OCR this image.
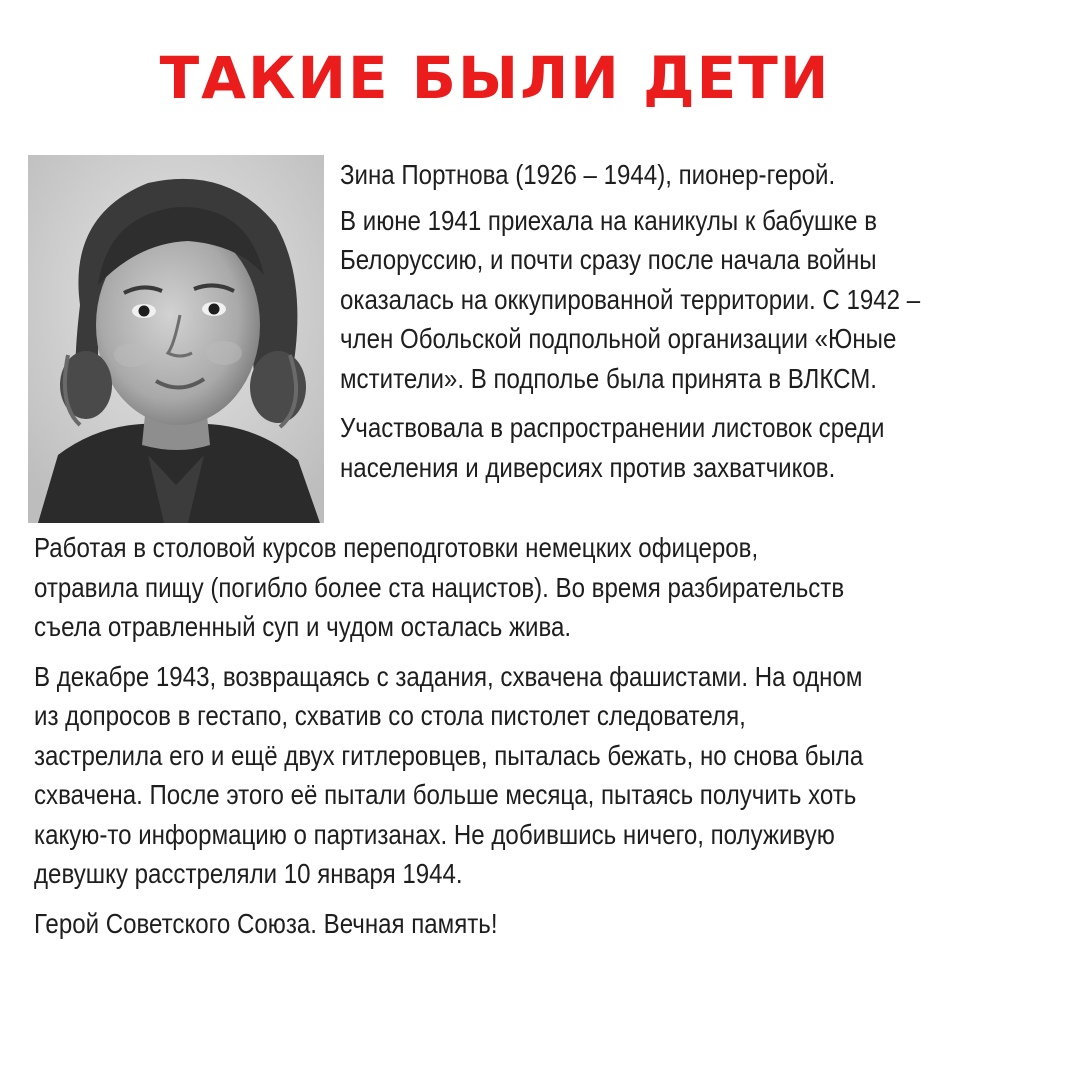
ТАКИЕ БЫЛИ ДЕТИ

Зина Портнова (1926 – 1944), пионер-герой.

В июне 1941 приехала на каникулы к бабушке в
Белоруссию, и почти сразу после начала войны
оказалась на оккупированной территории. С 1942 –
член Обольской подпольной организации «Юные
мстители». В подполье была принята в ВЛКСМ.

Участвовала в распространении листовок среди
населения и диверсиях против захватчиков.

Работая в столовой курсов переподготовки немецких офицеров,
отравила пищу (погибло более ста нацистов). Во время разбирательств
съела отравленный суп и чудом осталась жива.

В декабре 1943, возвращаясь с задания, схвачена фашистами. На одном
из допросов в гестапо, схватив со стола пистолет следователя,
застрелила его и ещё двух гитлеровцев, пыталась бежать, но снова была
схвачена. После этого её пытали больше месяца, пытаясь получить хоть
какую-то информацию о партизанах. Не добившись ничего, полуживую
девушку расстреляли 10 января 1944.

Герой Советского Союза. Вечная память!
